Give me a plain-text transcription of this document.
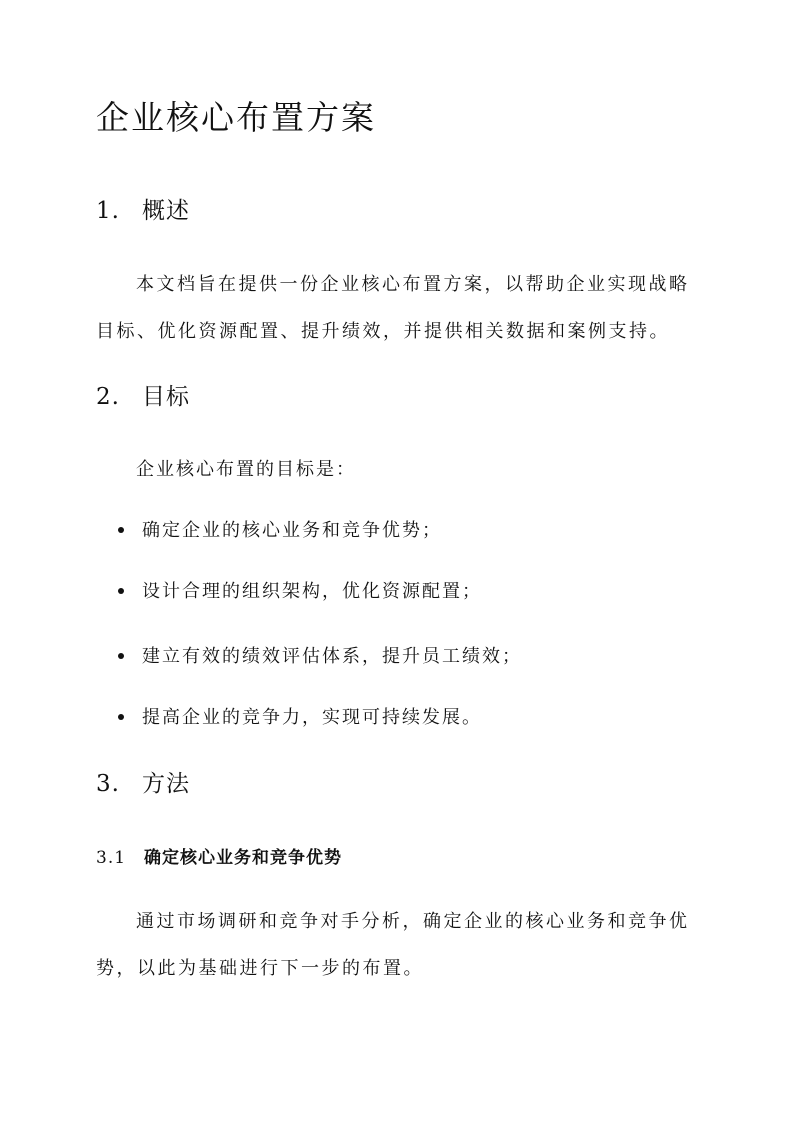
企业核心布置方案
1. 概述

本文档旨在提供一份企业核心布置方案，以帮助企业实现战略目标、优化资源配置、提升绩效，并提供相关数据和案例支持。

2. 目标

企业核心布置的目标是：

确定企业的核心业务和竞争优势；

设计合理的组织架构，优化资源配置；

建立有效的绩效评估体系，提升员工绩效；

提高企业的竞争力，实现可持续发展。

3. 方法
3.1 确定核心业务和竞争优势

通过市场调研和竞争对手分析，确定企业的核心业务和竞争优势，以此为基础进行下一步的布置。
